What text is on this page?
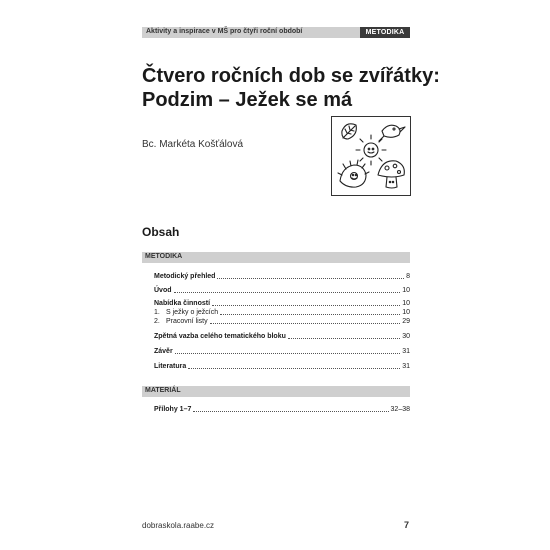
Aktivity a inspirace v MŠ pro čtyři roční období	METODIKA
Čtvero ročních dob se zvířátky:
Podzim – Ježek se má
Bc. Markéta Košťálová
Obsah
METODIKA
Metodický přehled	8
Úvod	10
Nabídka činností	10
1. S ježky o ježcích	10
2. Pracovní listy	29
Zpětná vazba celého tematického bloku	30
Závěr	31
Literatura	31
MATERIÁL
Přílohy 1–7	32–38
dobraskola.raabe.cz	7
